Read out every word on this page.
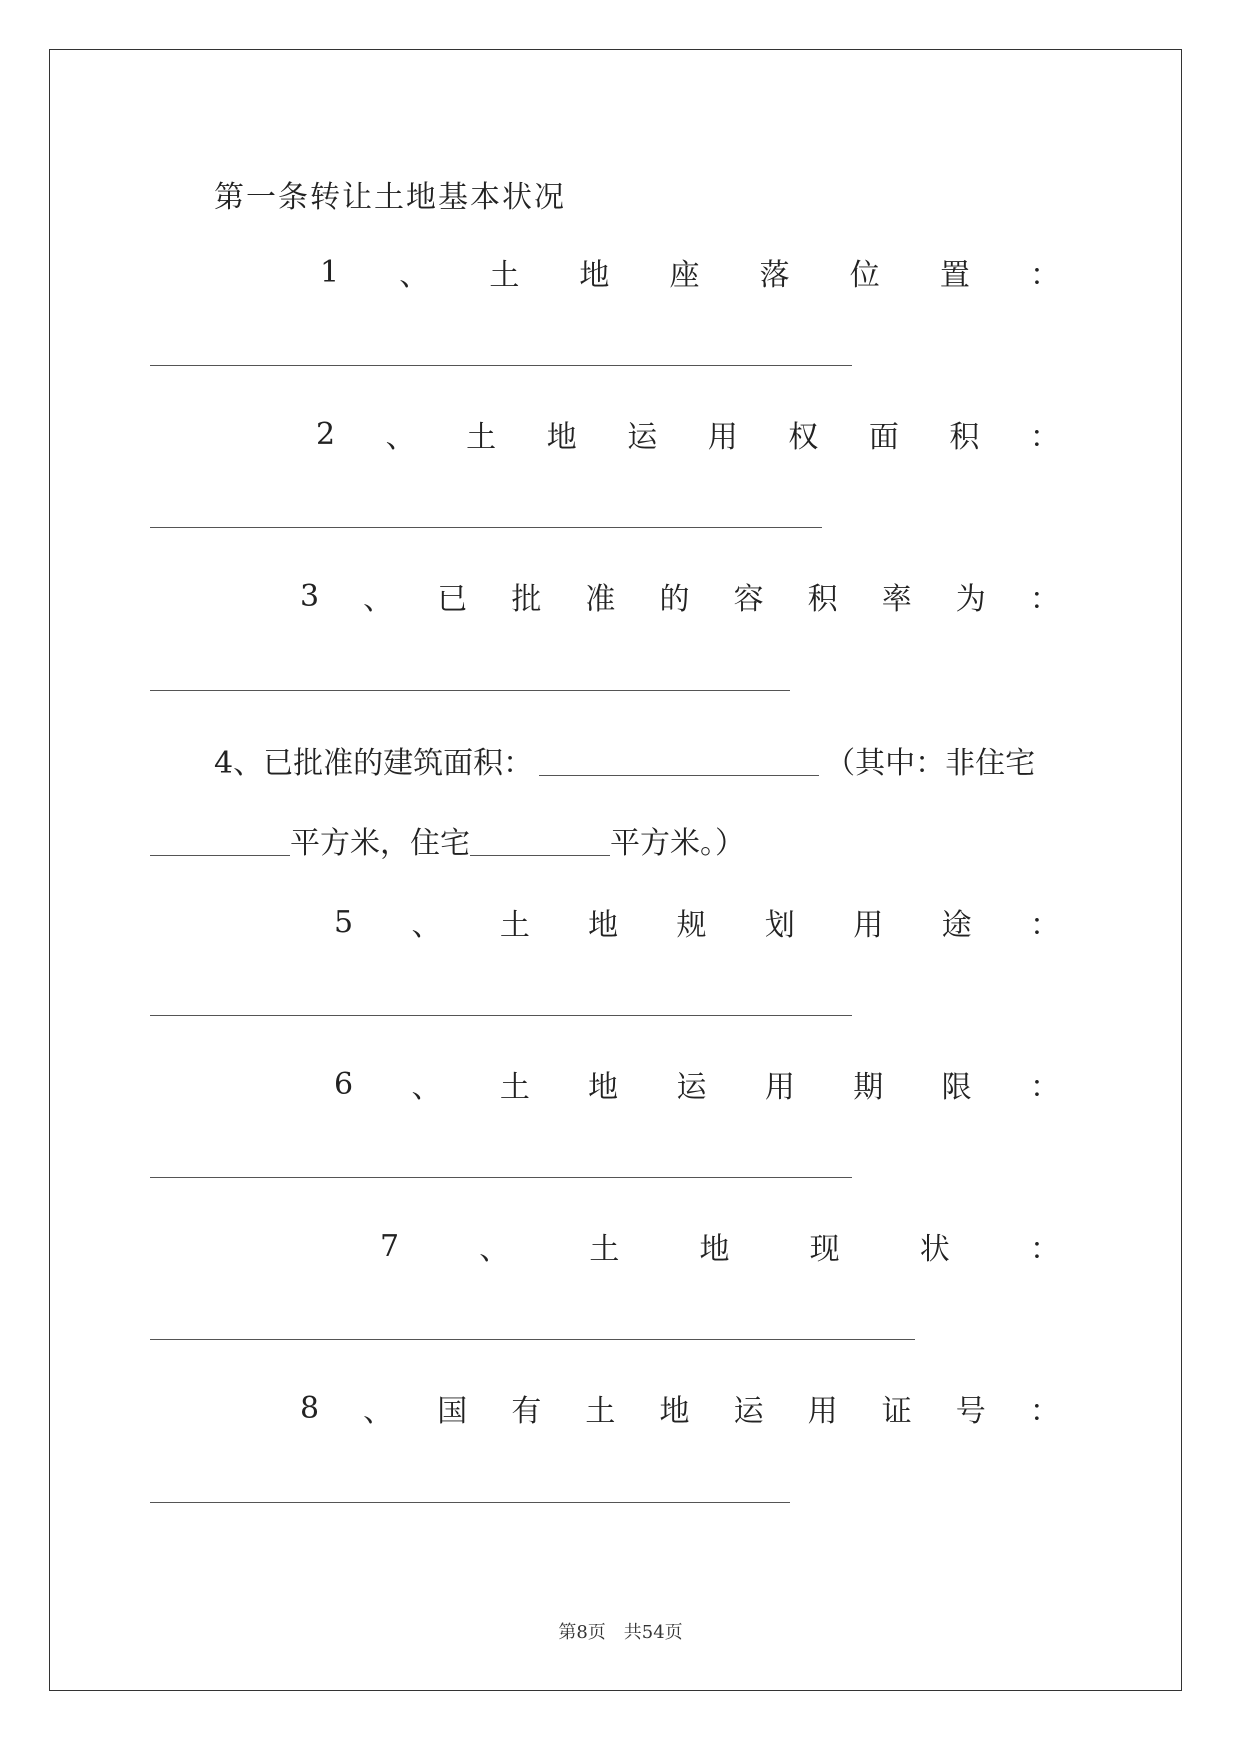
第一条转让土地基本状况
1 、 土 地 座 落 位 置 ：
2 、 土 地 运 用 权 面 积 ：
3 、 已 批 准 的 容 积 率 为 ：
4、已批准的建筑面积：	（其中：非住宅
平方米，住宅	平方米。）
5 、 土 地 规 划 用 途 ：
6 、 土 地 运 用 期 限 ：
7	、	土	地	现	状	：
8 、 国 有 土 地 运 用 证 号 ：
第8页 共54页
